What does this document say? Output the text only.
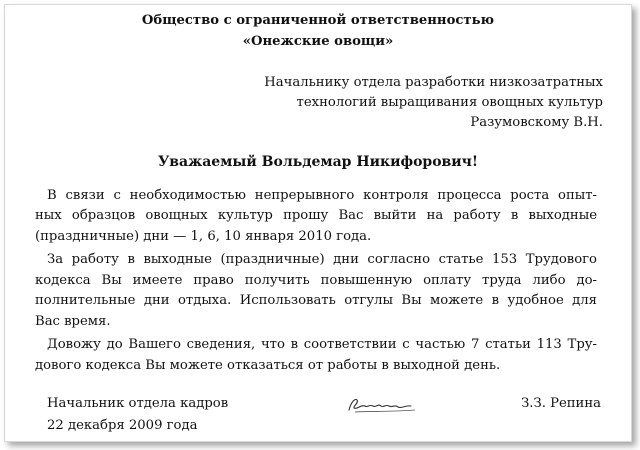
Общество с ограниченной ответственностью
«Онежские овощи»
Начальнику отдела разработки низкозатратных
технологий выращивания овощных культур
Разумовскому В.Н.
Уважаемый Вольдемар Никифорович!
В связи с необходимостью непрерывного контроля процесса роста опыт-
ных образцов овощных культур прошу Вас выйти на работу в выходные
(праздничные) дни — 1, 6, 10 января 2010 года.
За работу в выходные (праздничные) дни согласно статье 153 Трудового
кодекса Вы имеете право получить повышенную оплату труда либо до-
полнительные дни отдыха. Использовать отгулы Вы можете в удобное для
Вас время.
Довожу до Вашего сведения, что в соответствии с частью 7 статьи 113 Тру-
дового кодекса Вы можете отказаться от работы в выходной день.
Начальник отдела кадров	З.З. Репина
22 декабря 2009 года
